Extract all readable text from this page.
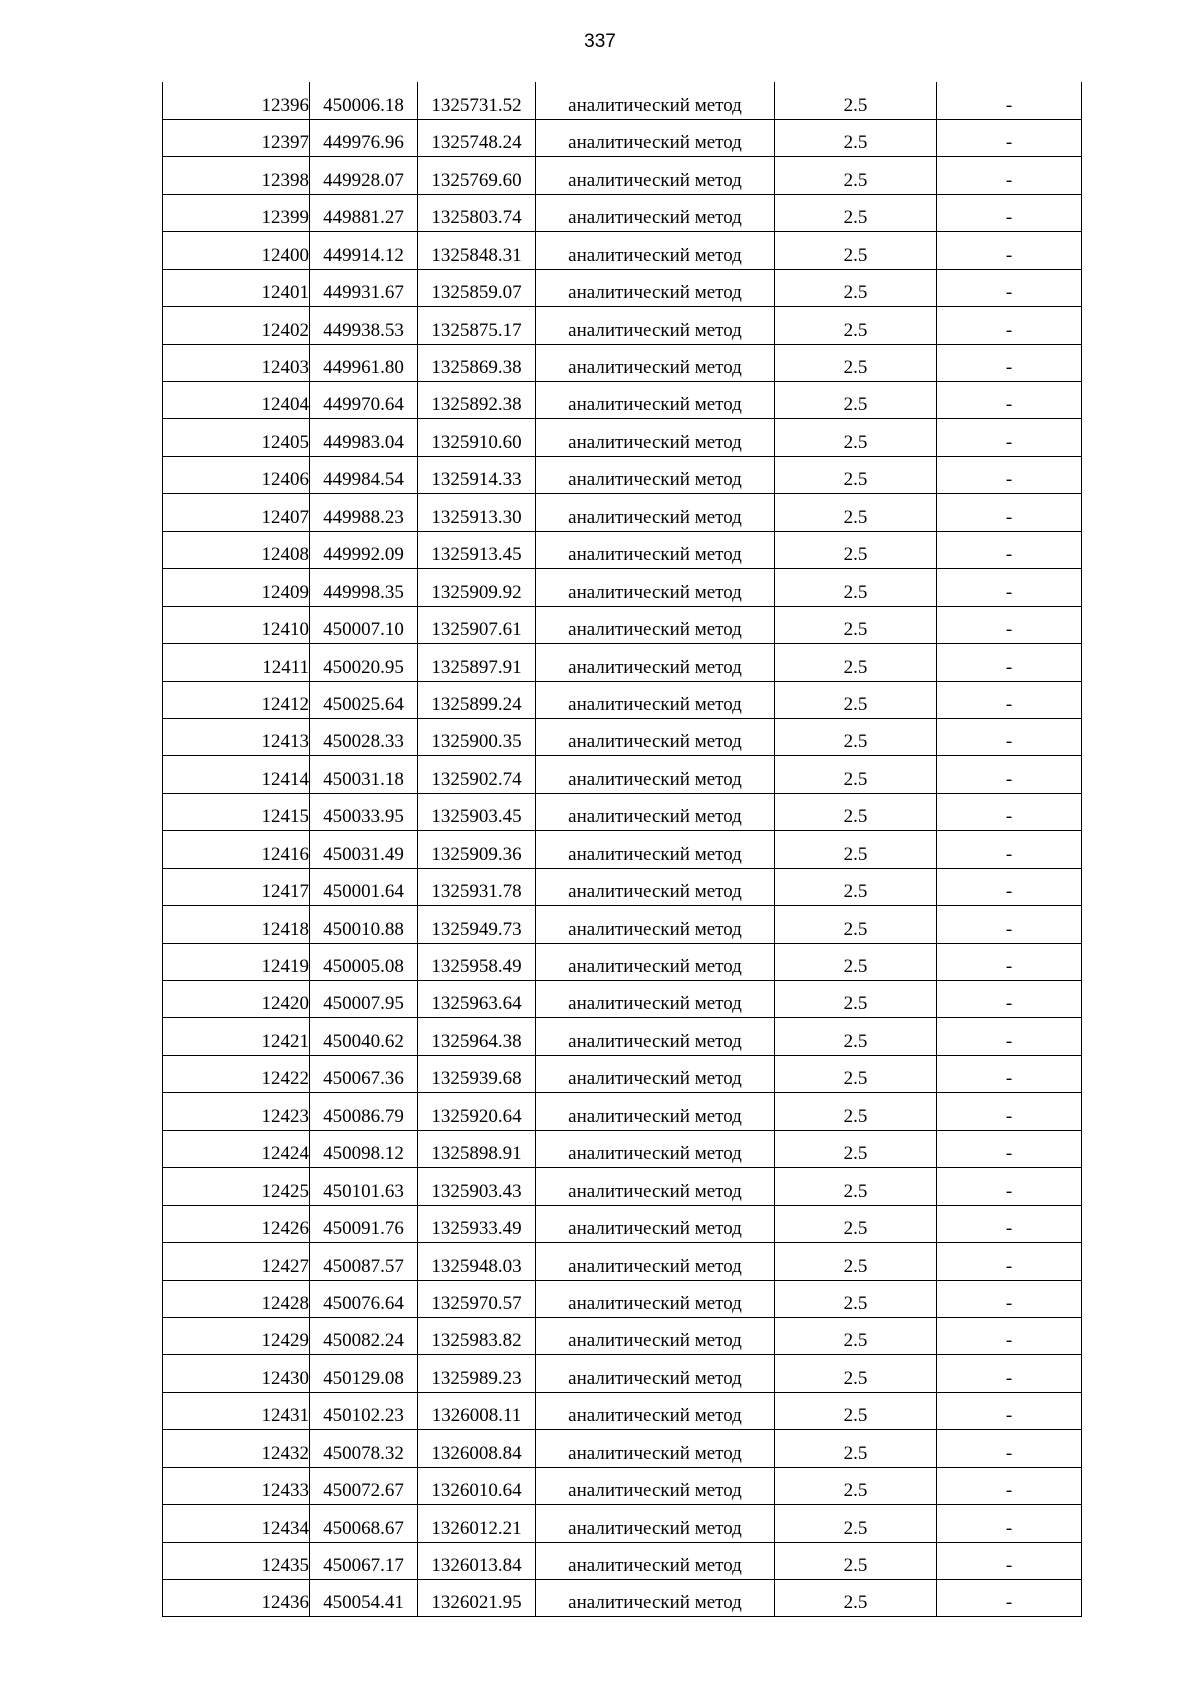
337
12396	450006.18	1325731.52	аналитический метод	2.5	-
12397	449976.96	1325748.24	аналитический метод	2.5	-
12398	449928.07	1325769.60	аналитический метод	2.5	-
12399	449881.27	1325803.74	аналитический метод	2.5	-
12400	449914.12	1325848.31	аналитический метод	2.5	-
12401	449931.67	1325859.07	аналитический метод	2.5	-
12402	449938.53	1325875.17	аналитический метод	2.5	-
12403	449961.80	1325869.38	аналитический метод	2.5	-
12404	449970.64	1325892.38	аналитический метод	2.5	-
12405	449983.04	1325910.60	аналитический метод	2.5	-
12406	449984.54	1325914.33	аналитический метод	2.5	-
12407	449988.23	1325913.30	аналитический метод	2.5	-
12408	449992.09	1325913.45	аналитический метод	2.5	-
12409	449998.35	1325909.92	аналитический метод	2.5	-
12410	450007.10	1325907.61	аналитический метод	2.5	-
12411	450020.95	1325897.91	аналитический метод	2.5	-
12412	450025.64	1325899.24	аналитический метод	2.5	-
12413	450028.33	1325900.35	аналитический метод	2.5	-
12414	450031.18	1325902.74	аналитический метод	2.5	-
12415	450033.95	1325903.45	аналитический метод	2.5	-
12416	450031.49	1325909.36	аналитический метод	2.5	-
12417	450001.64	1325931.78	аналитический метод	2.5	-
12418	450010.88	1325949.73	аналитический метод	2.5	-
12419	450005.08	1325958.49	аналитический метод	2.5	-
12420	450007.95	1325963.64	аналитический метод	2.5	-
12421	450040.62	1325964.38	аналитический метод	2.5	-
12422	450067.36	1325939.68	аналитический метод	2.5	-
12423	450086.79	1325920.64	аналитический метод	2.5	-
12424	450098.12	1325898.91	аналитический метод	2.5	-
12425	450101.63	1325903.43	аналитический метод	2.5	-
12426	450091.76	1325933.49	аналитический метод	2.5	-
12427	450087.57	1325948.03	аналитический метод	2.5	-
12428	450076.64	1325970.57	аналитический метод	2.5	-
12429	450082.24	1325983.82	аналитический метод	2.5	-
12430	450129.08	1325989.23	аналитический метод	2.5	-
12431	450102.23	1326008.11	аналитический метод	2.5	-
12432	450078.32	1326008.84	аналитический метод	2.5	-
12433	450072.67	1326010.64	аналитический метод	2.5	-
12434	450068.67	1326012.21	аналитический метод	2.5	-
12435	450067.17	1326013.84	аналитический метод	2.5	-
12436	450054.41	1326021.95	аналитический метод	2.5	-
